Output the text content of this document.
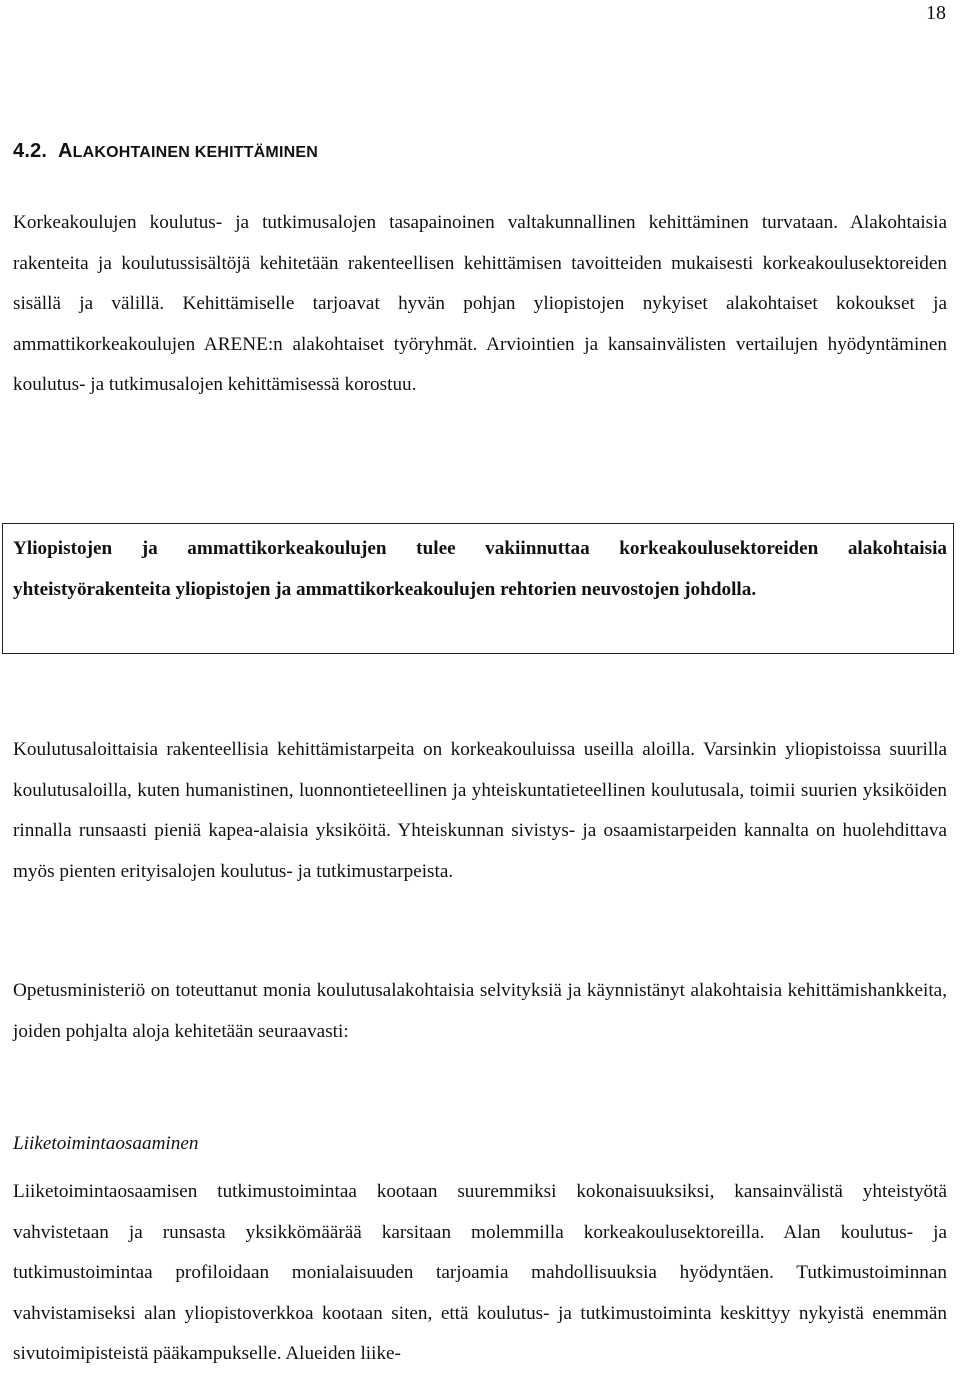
18
4.2. ALAKOHTAINEN KEHITTÄMINEN

Korkeakoulujen koulutus- ja tutkimusalojen tasapainoinen valtakunnallinen kehittäminen turvataan. Alakohtaisia rakenteita ja koulutussisältöjä kehitetään rakenteellisen kehittämisen tavoitteiden mukaisesti korkeakoulusektoreiden sisällä ja välillä. Kehittämiselle tarjoavat hyvän pohjan yliopistojen nykyiset alakohtaiset kokoukset ja ammattikorkeakoulujen ARENE:n alakohtaiset työryhmät. Arviointien ja kansainvälisten vertailujen hyödyntäminen koulutus- ja tutkimusalojen kehittämisessä korostuu.

Yliopistojen ja ammattikorkeakoulujen tulee vakiinnuttaa korkeakoulusektoreiden alakohtaisia yhteistyörakenteita yliopistojen ja ammattikorkeakoulujen rehtorien neuvostojen johdolla.

Koulutusaloittaisia rakenteellisia kehittämistarpeita on korkeakouluissa useilla aloilla. Varsinkin yliopistoissa suurilla koulutusaloilla, kuten humanistinen, luonnontieteellinen ja yhteiskuntatieteellinen koulutusala, toimii suurien yksiköiden rinnalla runsaasti pieniä kapea-alaisia yksiköitä. Yhteiskunnan sivistys- ja osaamistarpeiden kannalta on huolehdittava myös pienten erityisalojen koulutus- ja tutkimustarpeista.

Opetusministeriö on toteuttanut monia koulutusalakohtaisia selvityksiä ja käynnistänyt alakohtaisia kehittämishankkeita, joiden pohjalta aloja kehitetään seuraavasti:

Liiketoimintaosaaminen

Liiketoimintaosaamisen tutkimustoimintaa kootaan suuremmiksi kokonaisuuksiksi, kansainvälistä yhteistyötä vahvistetaan ja runsasta yksikkömäärää karsitaan molemmilla korkeakoulusektoreilla. Alan koulutus- ja tutkimustoimintaa profiloidaan monialaisuuden tarjoamia mahdollisuuksia hyödyntäen. Tutkimustoiminnan vahvistamiseksi alan yliopistoverkkoa kootaan siten, että koulutus- ja tutkimustoiminta keskittyy nykyistä enemmän sivutoimipisteistä pääkampukselle. Alueiden liike-
